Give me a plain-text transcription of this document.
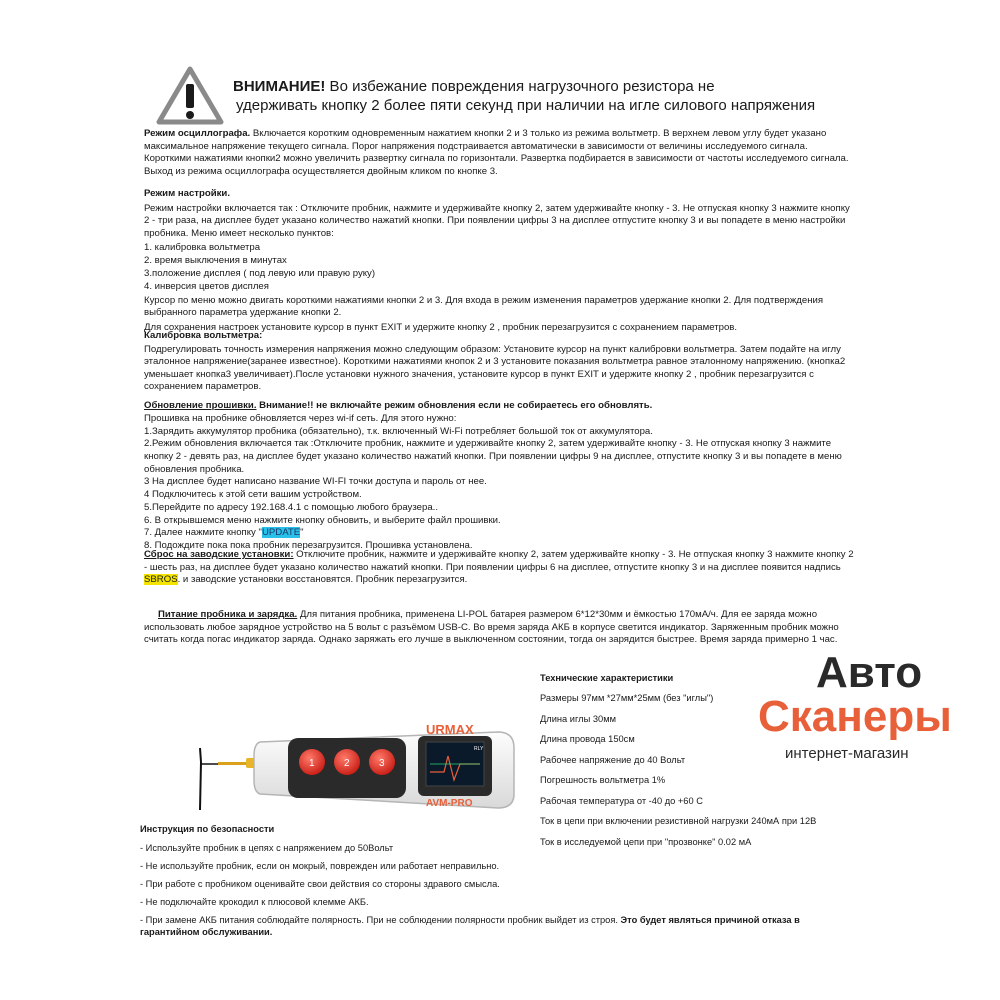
ВНИМАНИЕ! Во избежание повреждения нагрузочного резистора не
удерживать кнопку 2 более пяти секунд при наличии на игле силового напряжения

Режим осциллографа. Включается коротким одновременным нажатием кнопки 2 и 3 только из режима вольтметр. В верхнем левом углу будет указано максимальное напряжение текущего сигнала. Порог напряжения подстраивается автоматически в зависимости от величины исследуемого сигнала. Короткими нажатиями кнопки2 можно увеличить развертку сигнала по горизонтали. Развертка подбирается в зависимости от частоты исследуемого сигнала. Выход из режима осциллографа осуществляется двойным кликом по кнопке 3.

Режим настройки.

Режим настройки включается так : Отключите пробник, нажмите и удерживайте кнопку 2, затем удерживайте кнопку - 3. Не отпуская кнопку 3 нажмите кнопку 2 - три раза, на дисплее будет указано количество нажатий кнопки. При появлении цифры 3 на дисплее отпустите кнопку 3 и вы попадете в меню настройки пробника. Меню имеет несколько пунктов:

1. калибровка вольтметра

2. время выключения в минутах

3.положение дисплея ( под левую или правую руку)

4. инверсия цветов дисплея

Курсор по меню можно двигать короткими нажатиями кнопки 2 и 3. Для входа в режим изменения параметров удержание кнопки 2. Для подтверждения выбранного параметра удержание кнопки 2.

Для сохранения настроек установите курсор в пункт EXIT и удержите кнопку 2 , пробник перезагрузится с сохранением параметров.

Калибровка вольтметра:

Подрегулировать точность измерения напряжения можно следующим образом: Установите курсор на пункт калибровки вольтметра. Затем подайте на иглу эталонное напряжение(заранее известное). Короткими нажатиями кнопок 2 и 3 установите показания вольтметра равное эталонному напряжению. (кнопка2 уменьшает кнопка3 увеличивает).После установки нужного значения, установите курсор в пункт EXIT и удержите кнопку 2 , пробник перезагрузится с сохранением параметров.

Обновление прошивки. Внимание!! не включайте режим обновления если не собираетесь его обновлять.

Прошивка на пробнике обновляется через wi-if сеть. Для этого нужно:

1.Зарядить аккумулятор пробника (обязательно), т.к. включенный Wi-Fi потребляет большой ток от аккумулятора.

2.Режим обновления включается так :Отключите пробник, нажмите и удерживайте кнопку 2, затем удерживайте кнопку - 3. Не отпуская кнопку 3 нажмите кнопку 2 - девять раз, на дисплее будет указано количество нажатий кнопки. При появлении цифры 9 на дисплее, отпустите кнопку 3 и вы попадете в меню обновления пробника.

3 На дисплее будет написано название WI-FI точки доступа и пароль от нее.

4 Подключитесь к этой сети вашим устройством.

5.Перейдите по адресу 192.168.4.1 с помощью любого браузера..

6. В открывшемся меню нажмите кнопку обновить, и выберите файл прошивки.

7. Далее нажмите кнопку "UPDATE"

8. Подождите пока пока пробник перезагрузится. Прошивка установлена.

Сброс на заводские установки: Отключите пробник, нажмите и удерживайте кнопку 2, затем удерживайте кнопку - 3. Не отпуская кнопку 3 нажмите кнопку 2 - шесть раз, на дисплее будет указано количество нажатий кнопки. При появлении цифры 6 на дисплее, отпустите кнопку 3 и на дисплее появится надпись SBROS. и заводские установки восстановятся. Пробник перезагрузится.

Питание пробника и зарядка. Для питания пробника, применена LI-POL батарея размером 6*12*30мм и ёмкостью 170мА/ч. Для ее заряда можно использовать любое зарядное устройство на 5 вольт с разъёмом USB-C. Во время заряда АКБ в корпусе светится индикатор. Заряженным пробник можно считать когда погас индикатор заряда. Однако заряжать его лучше в выключенном состоянии, тогда он зарядится быстрее. Время заряда примерно 1 час.

RLY
1	2	3
URMAX
AVM-PRO

Технические характеристики

Размеры 97мм *27мм*25мм (без "иглы")

Длина иглы 30мм

Длина провода 150см

Рабочее напряжение до 40 Вольт

Погрешность вольтметра 1%

Рабочая температура от -40 до +60 С

Ток в цепи при включении резистивной нагрузки 240мА при 12В

Ток в исследуемой цепи при "прозвонке" 0.02 мА

Авто
Сканеры
интернет-магазин

Инструкция по безопасности

- Используйте пробник в цепях с напряжением до 50Вольт

- Не используйте пробник, если он мокрый, поврежден или работает неправильно.

- При работе с пробником оценивайте свои действия со стороны здравого смысла.

- Не подключайте крокодил к плюсовой клемме АКБ.

- При замене АКБ питания соблюдайте полярность. При не соблюдении полярности пробник выйдет из строя. Это будет являться причиной отказа в гарантийном обслуживании.
